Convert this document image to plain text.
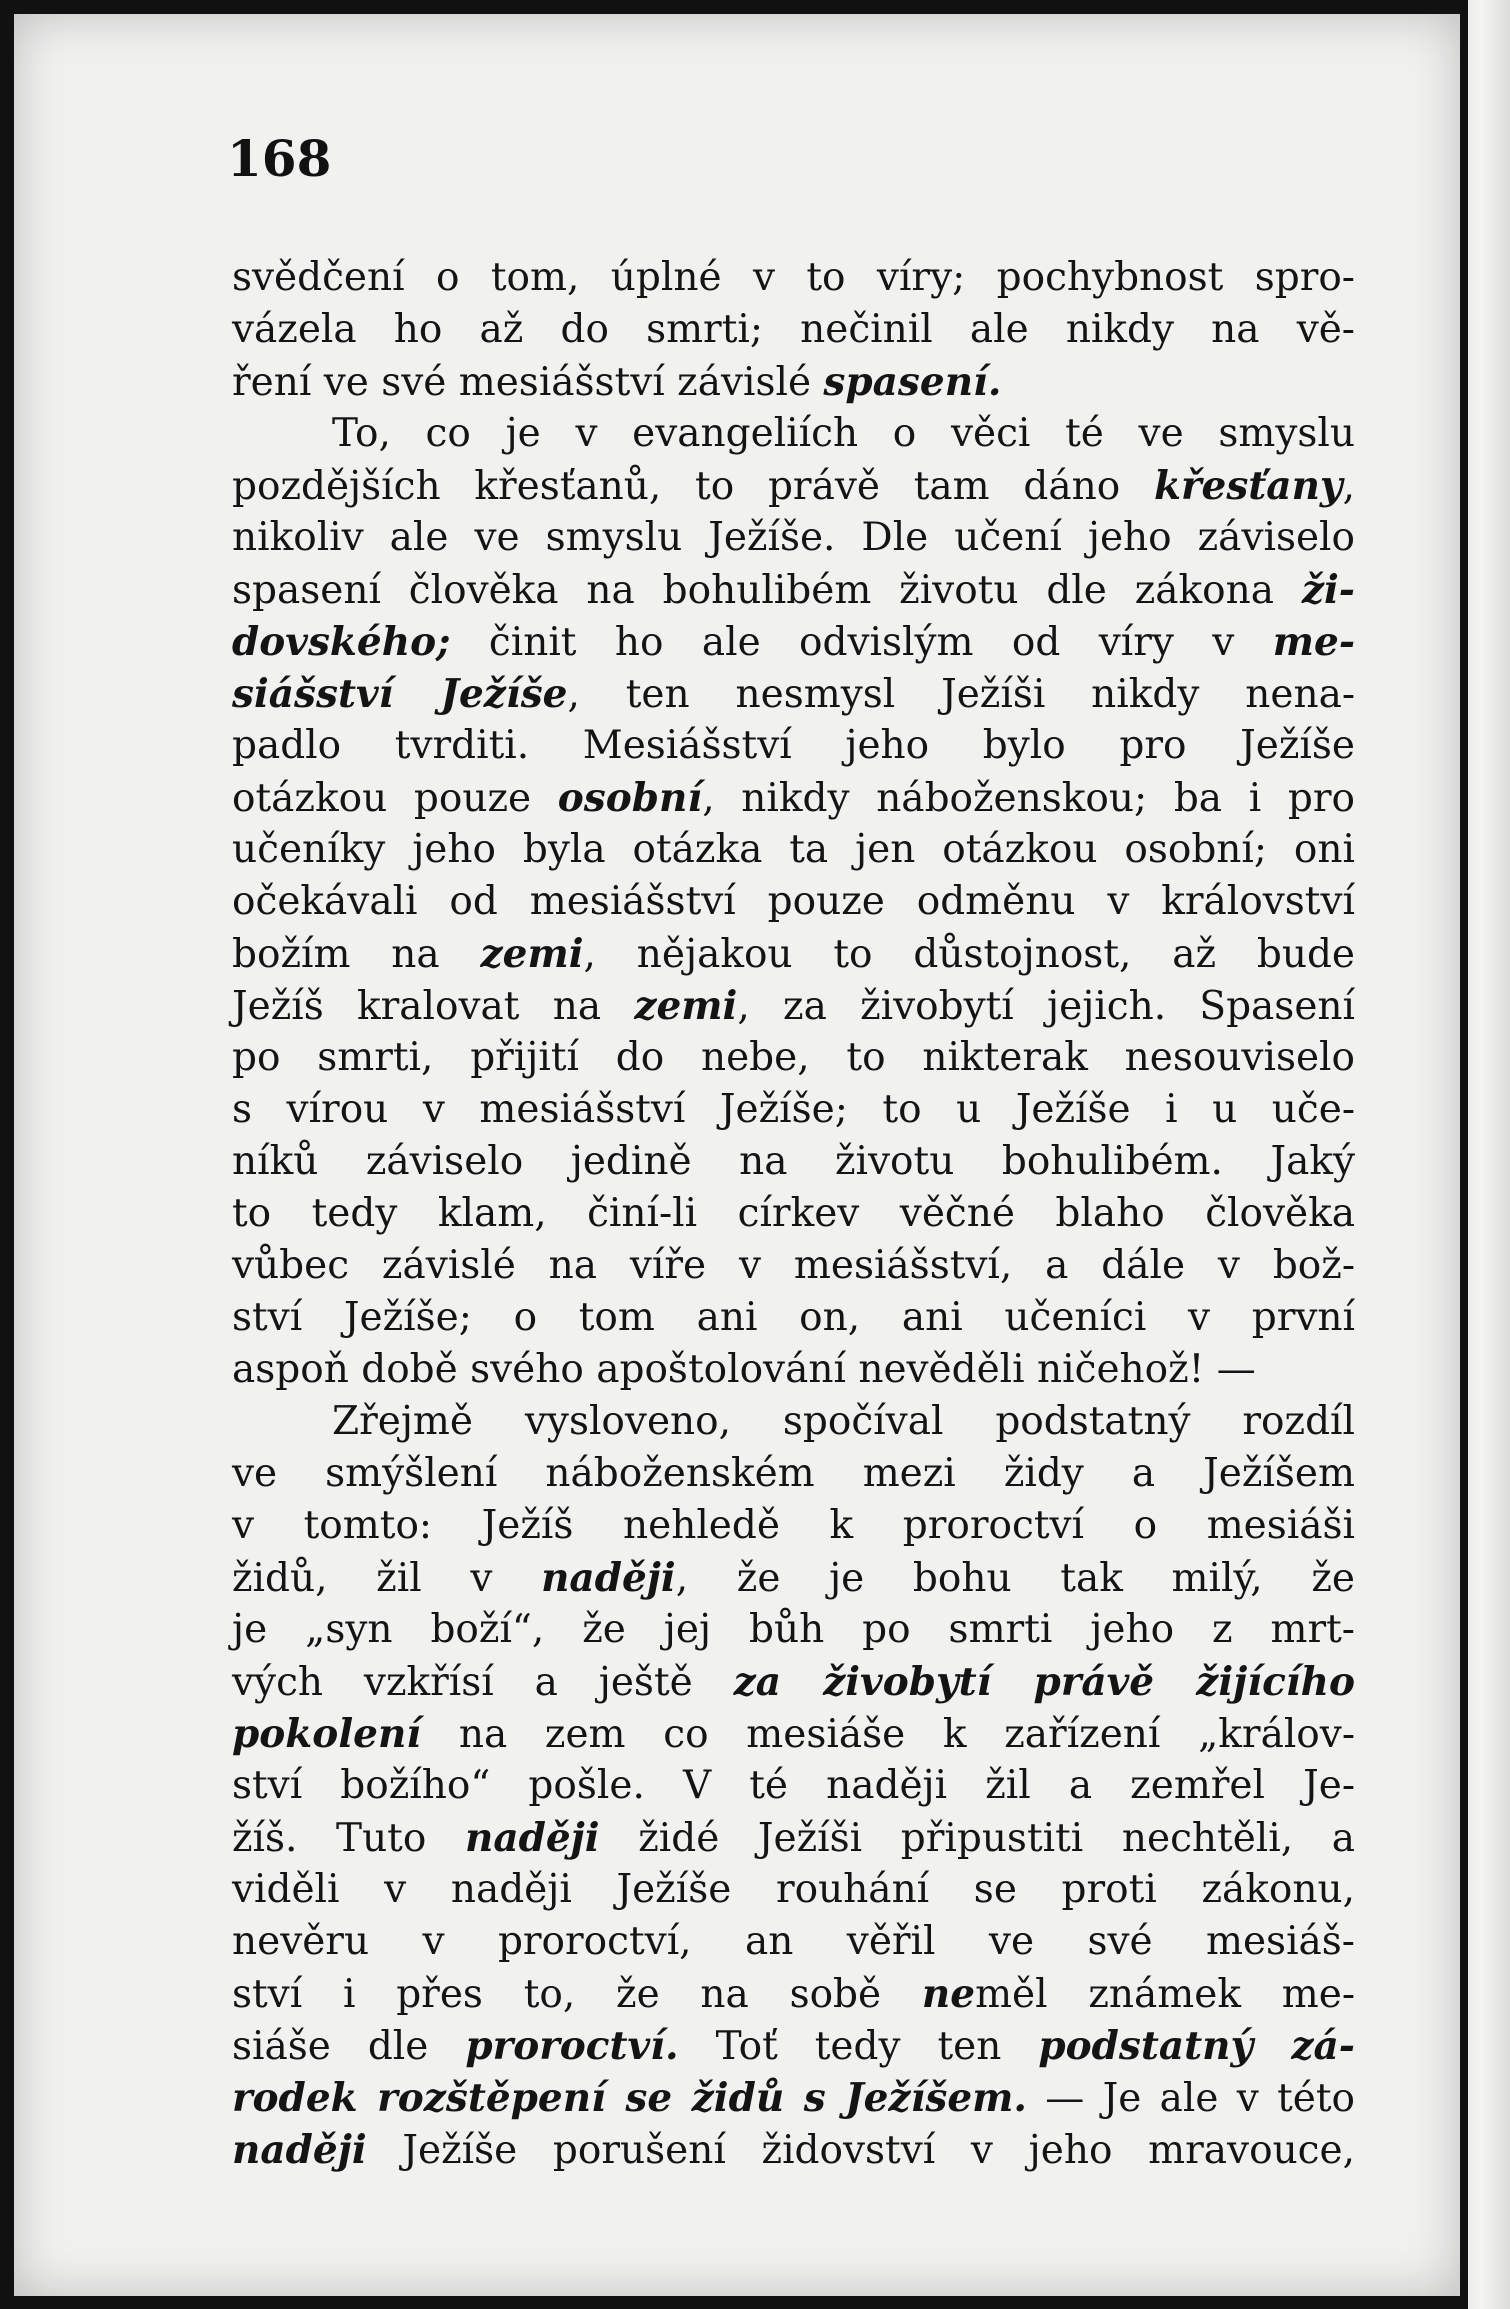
168
svědčení o tom, úplné v to víry; pochybnost spro-
vázela ho až do smrti; nečinil ale nikdy na vě-
ření ve své mesiášství závislé spasení.
To, co je v evangeliích o věci té ve smyslu
pozdějších křesťanů, to právě tam dáno křesťany,
nikoliv ale ve smyslu Ježíše. Dle učení jeho záviselo
spasení člověka na bohulibém životu dle zákona ži-
dovského; činit ho ale odvislým od víry v me-
siášství Ježíše, ten nesmysl Ježíši nikdy nena-
padlo tvrditi. Mesiášství jeho bylo pro Ježíše
otázkou pouze osobní, nikdy náboženskou; ba i pro
učeníky jeho byla otázka ta jen otázkou osobní; oni
očekávali od mesiášství pouze odměnu v království
božím na zemi, nějakou to důstojnost, až bude
Ježíš kralovat na zemi, za živobytí jejich. Spasení
po smrti, přijití do nebe, to nikterak nesouviselo
s vírou v mesiášství Ježíše; to u Ježíše i u uče-
níků záviselo jedině na životu bohulibém. Jaký
to tedy klam, činí-li církev věčné blaho člověka
vůbec závislé na víře v mesiášství, a dále v bož-
ství Ježíše; o tom ani on, ani učeníci v první
aspoň době svého apoštolování nevěděli ničehož! —
Zřejmě vysloveno, spočíval podstatný rozdíl
ve smýšlení náboženském mezi židy a Ježíšem
v tomto: Ježíš nehledě k proroctví o mesiáši
židů, žil v naději, že je bohu tak milý, že
je „syn boží“, že jej bůh po smrti jeho z mrt-
vých vzkřísí a ještě za živobytí právě žijícího
pokolení na zem co mesiáše k zařízení „králov-
ství božího“ pošle. V té naději žil a zemřel Je-
žíš. Tuto naději židé Ježíši připustiti nechtěli, a
viděli v naději Ježíše rouhání se proti zákonu,
nevěru v proroctví, an věřil ve své mesiáš-
ství i přes to, že na sobě neměl známek me-
siáše dle proroctví. Toť tedy ten podstatný zá-
rodek rozštěpení se židů s Ježíšem. — Je ale v této
naději Ježíše porušení židovství v jeho mravouce,
